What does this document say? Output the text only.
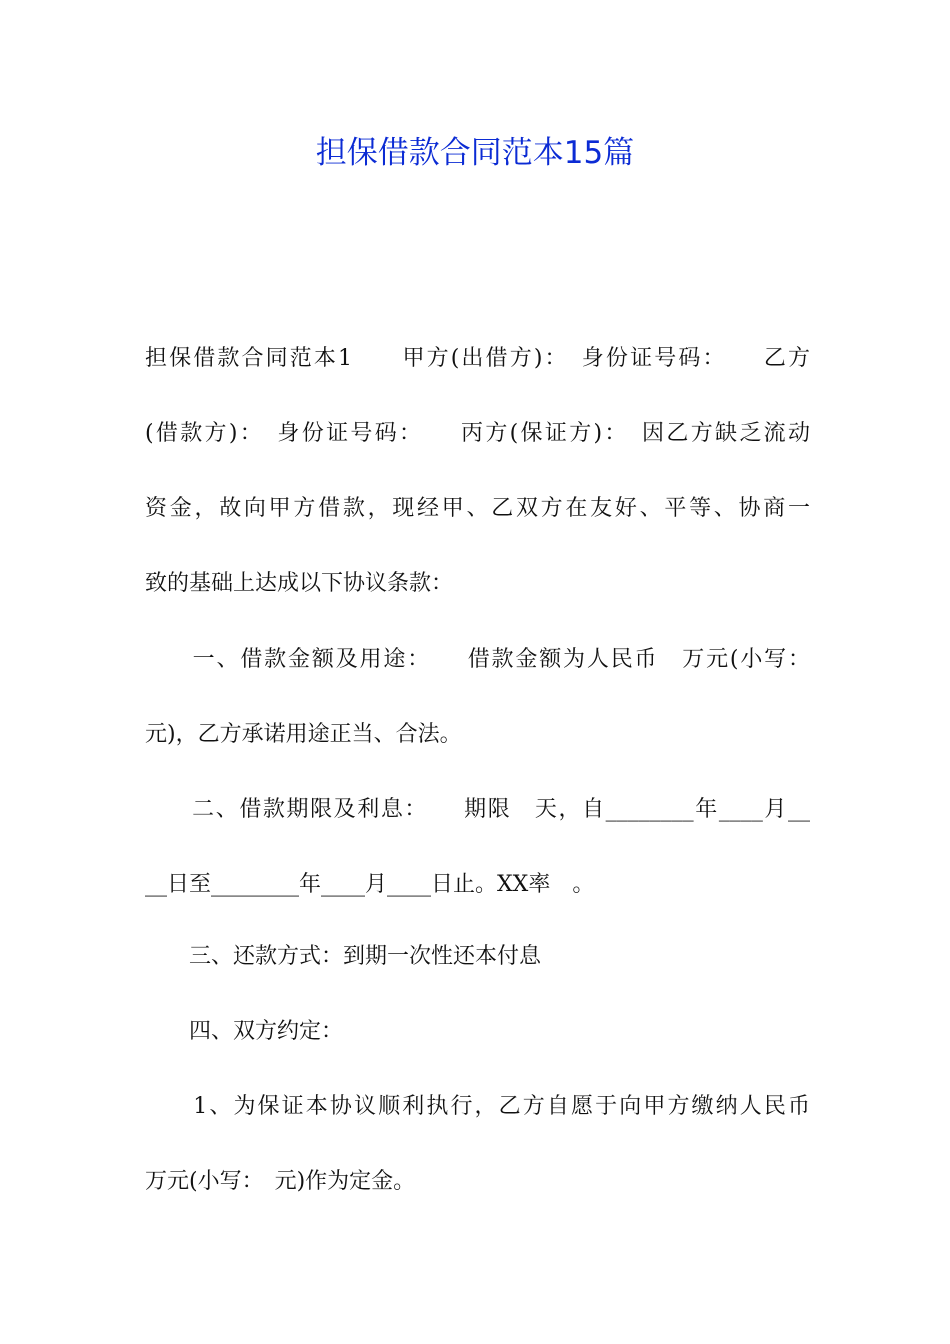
担保借款合同范本15篇

担保借款合同范本1　　甲方(出借方)：　身份证号码：　　乙方

(借款方)：　身份证号码：　　丙方(保证方)：　因乙方缺乏流动

资金，故向甲方借款，现经甲、乙双方在友好、平等、协商一

致的基础上达成以下协议条款：

　　一、借款金额及用途：　　借款金额为人民币　万元(小写：

元)，乙方承诺用途正当、合法。

　　二、借款期限及利息：　　期限　天，自________年____月__

__日至________年____月____日止。XX率　。

　　三、还款方式：到期一次性还本付息

　　四、双方约定：

　　1、为保证本协议顺利执行，乙方自愿于向甲方缴纳人民币

万元(小写：　元)作为定金。
